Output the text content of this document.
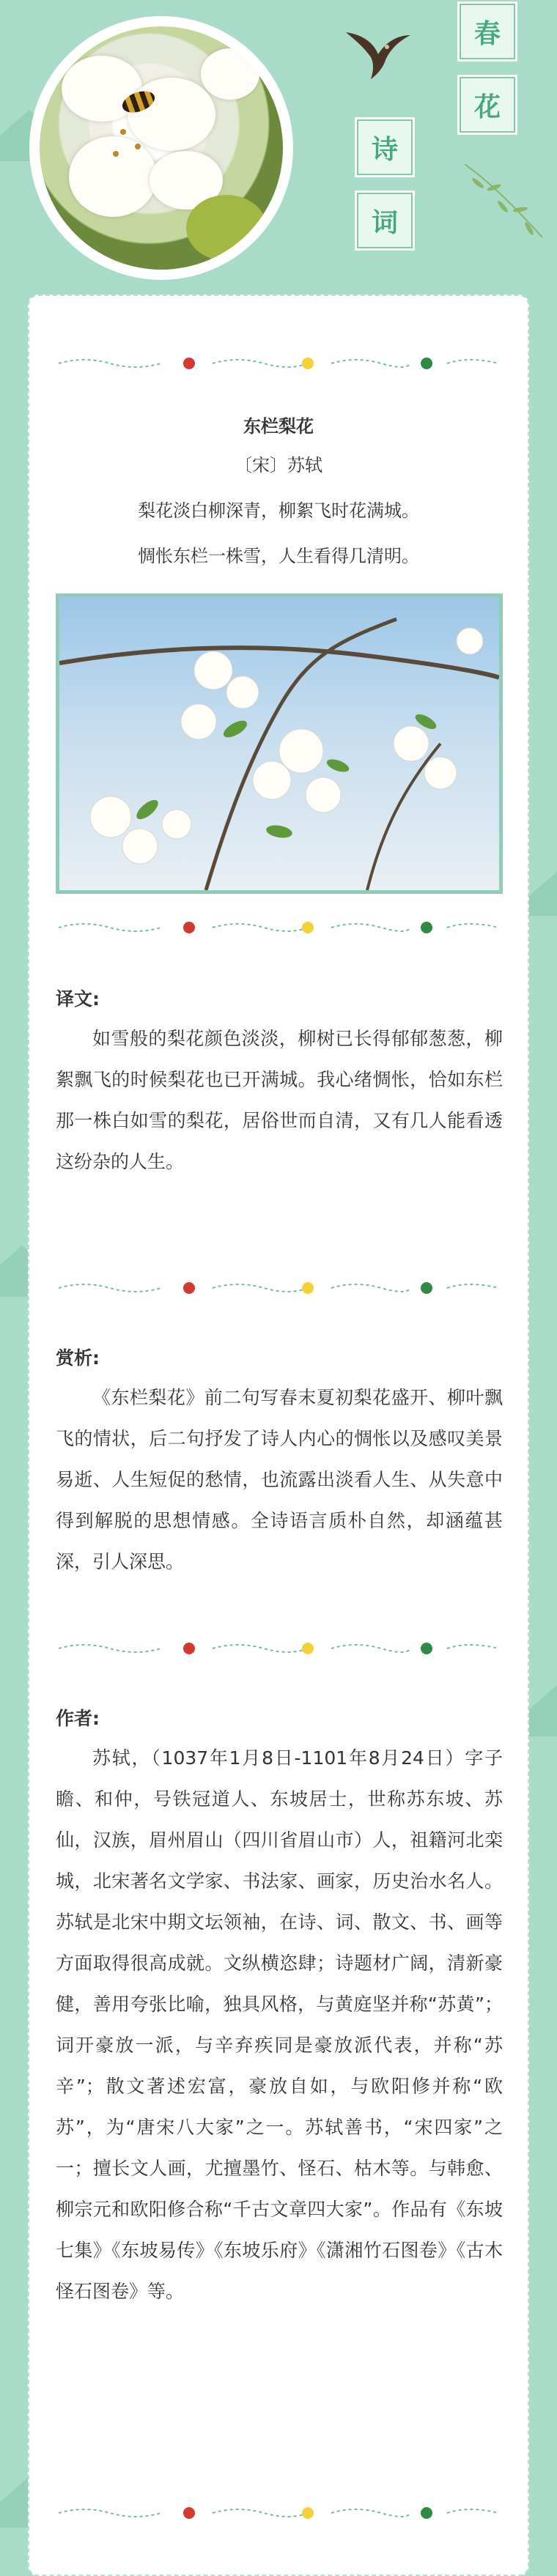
春
花
诗
词
东栏梨花
〔宋〕苏轼
梨花淡白柳深青，柳絮飞时花满城。
惆怅东栏一株雪，人生看得几清明。
译文:
如雪般的梨花颜色淡淡，柳树已长得郁郁葱葱，柳絮飘飞的时候梨花也已开满城。我心绪惆怅，恰如东栏那一株白如雪的梨花，居俗世而自清，又有几人能看透这纷杂的人生。
赏析:
《东栏梨花》前二句写春末夏初梨花盛开、柳叶飘飞的情状，后二句抒发了诗人内心的惆怅以及感叹美景易逝、人生短促的愁情，也流露出淡看人生、从失意中得到解脱的思想情感。全诗语言质朴自然，却涵蕴甚深，引人深思。
作者:
苏轼，（1037年1月8日-1101年8月24日）字子瞻、和仲，号铁冠道人、东坡居士，世称苏东坡、苏仙，汉族，眉州眉山（四川省眉山市）人，祖籍河北栾城，北宋著名文学家、书法家、画家，历史治水名人。苏轼是北宋中期文坛领袖，在诗、词、散文、书、画等方面取得很高成就。文纵横恣肆；诗题材广阔，清新豪健，善用夸张比喻，独具风格，与黄庭坚并称“苏黄”；词开豪放一派，与辛弃疾同是豪放派代表，并称“苏辛”；散文著述宏富，豪放自如，与欧阳修并称“欧苏”，为“唐宋八大家”之一。苏轼善书，“宋四家”之一；擅长文人画，尤擅墨竹、怪石、枯木等。与韩愈、柳宗元和欧阳修合称“千古文章四大家”。作品有《东坡七集》《东坡易传》《东坡乐府》《潇湘竹石图卷》《古木怪石图卷》等。
